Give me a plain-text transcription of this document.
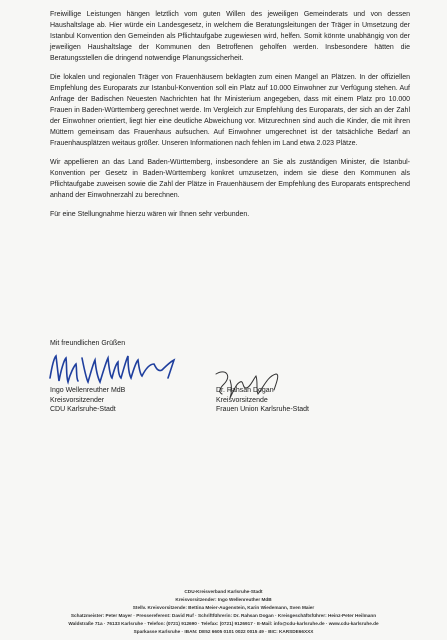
Freiwillige Leistungen hängen letztlich vom guten Willen des jeweiligen Gemeinderats und von dessen Haushaltslage ab. Hier würde ein Landesgesetz, in welchem die Beratungsleitungen der Träger in Umsetzung der Istanbul Konvention den Gemeinden als Pflichtaufgabe zugewiesen wird, helfen. Somit könnte unabhängig von der jeweiligen Haushaltslage der Kommunen den Betroffenen geholfen werden. Insbesondere hätten die Beratungsstellen die dringend notwendige Planungssicherheit.

Die lokalen und regionalen Träger von Frauenhäusern beklagten zum einen Mangel an Plätzen. In der offiziellen Empfehlung des Europarats zur Istanbul-Konvention soll ein Platz auf 10.000 Einwohner zur Verfügung stehen. Auf Anfrage der Badischen Neuesten Nachrichten hat Ihr Ministerium angegeben, dass mit einem Platz pro 10.000 Frauen in Baden-Württemberg gerechnet werde. Im Vergleich zur Empfehlung des Europarats, der sich an der Zahl der Einwohner orientiert, liegt hier eine deutliche Abweichung vor. Mitzurechnen sind auch die Kinder, die mit ihren Müttern gemeinsam das Frauenhaus aufsuchen. Auf Einwohner umgerechnet ist der tatsächliche Bedarf an Frauenhausplätzen weitaus größer. Unseren Informationen nach fehlen im Land etwa 2.023 Plätze.

Wir appellieren an das Land Baden-Württemberg, insbesondere an Sie als zuständigen Minister, die Istanbul-Konvention per Gesetz in Baden-Württemberg konkret umzusetzen, indem sie diese den Kommunen als Pflichtaufgabe zuweisen sowie die Zahl der Plätze in Frauenhäusern der Empfehlung des Europarats entsprechend anhand der Einwohnerzahl zu berechnen.

Für eine Stellungnahme hierzu wären wir Ihnen sehr verbunden.

Mit freundlichen Grüßen
Ingo Wellenreuther MdB
Kreisvorsitzender
CDU Karlsruhe-Stadt
Dr. Rahsan Dogan
Kreisvorsitzende
Frauen Union Karlsruhe-Stadt
CDU-Kreisverband Karlsruhe-Stadt
Kreisvorsitzender: Ingo Wellenreuther MdB
Stellv. Kreisvorsitzende: Bettina Meier-Augenstein, Karin Wiedemann, Sven Maier
Schatzmeister: Peter Mayer · Pressereferent: David Ruf · Schriftführerin: Dr. Rahsan Dogan · Kreisgeschäftsführer: Heinz-Peter Heilmann
Waldstraße 71a · 76133 Karlsruhe · Telefon: (0721) 912690 · Telefax: (0721) 9126917 · E-Mail: info@cdu-karlsruhe.de · www.cdu-karlsruhe.de
Sparkasse Karlsruhe · IBAN: DE52 6605 0101 0022 0015 49 · BIC: KARSDE66XXX
